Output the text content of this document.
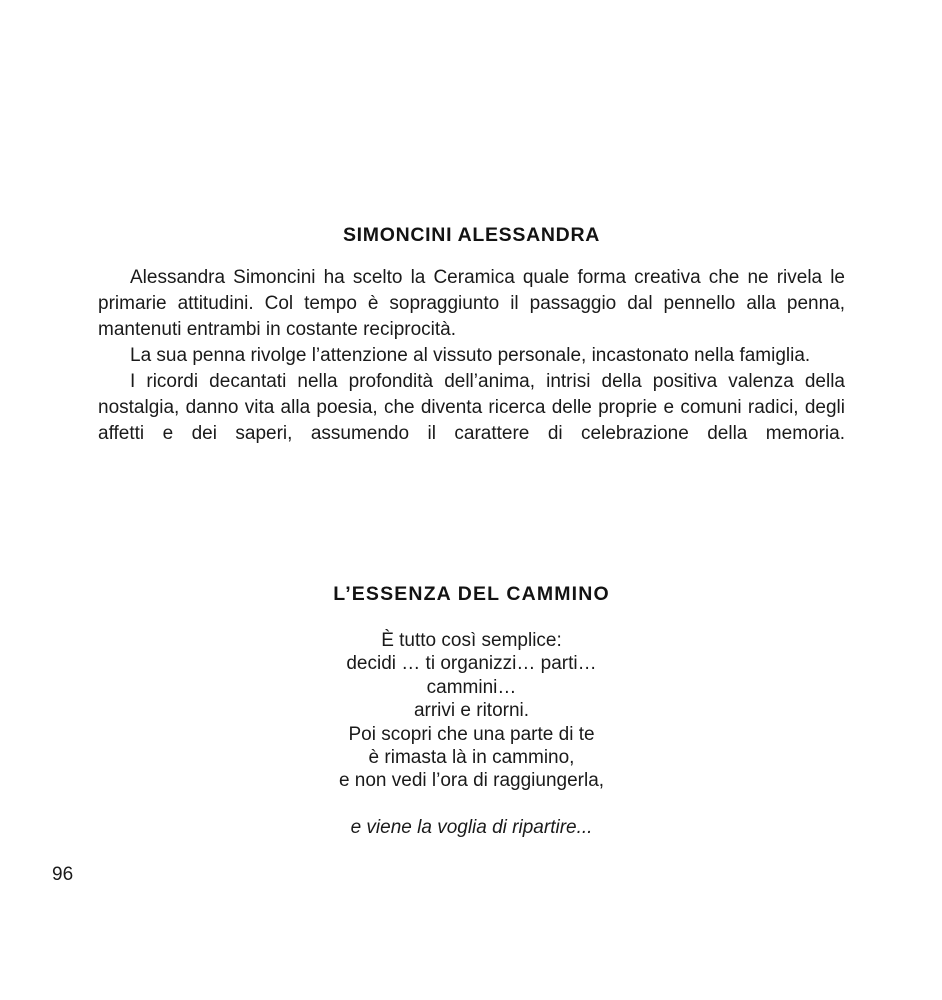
SIMONCINI ALESSANDRA

Alessandra Simoncini ha scelto la Ceramica quale forma creativa che ne rivela le primarie attitudini. Col tempo è sopraggiunto il passaggio dal pennello alla penna, mantenuti entrambi in costante reciprocità.

La sua penna rivolge l’attenzione al vissuto personale, incastonato nella famiglia.

I ricordi decantati nella profondità dell’anima, intrisi della positiva valenza della nostalgia, danno vita alla poesia, che diventa ricerca delle proprie e comuni radici, degli affetti e dei saperi, assumendo il carattere di celebrazione della memoria.

L’ESSENZA DEL CAMMINO
È tutto così semplice:
decidi … ti organizzi… parti…
cammini…
arrivi e ritorni.
Poi scopri che una parte di te
è rimasta là in cammino,
e non vedi l’ora di raggiungerla,
e viene la voglia di ripartire...
96
